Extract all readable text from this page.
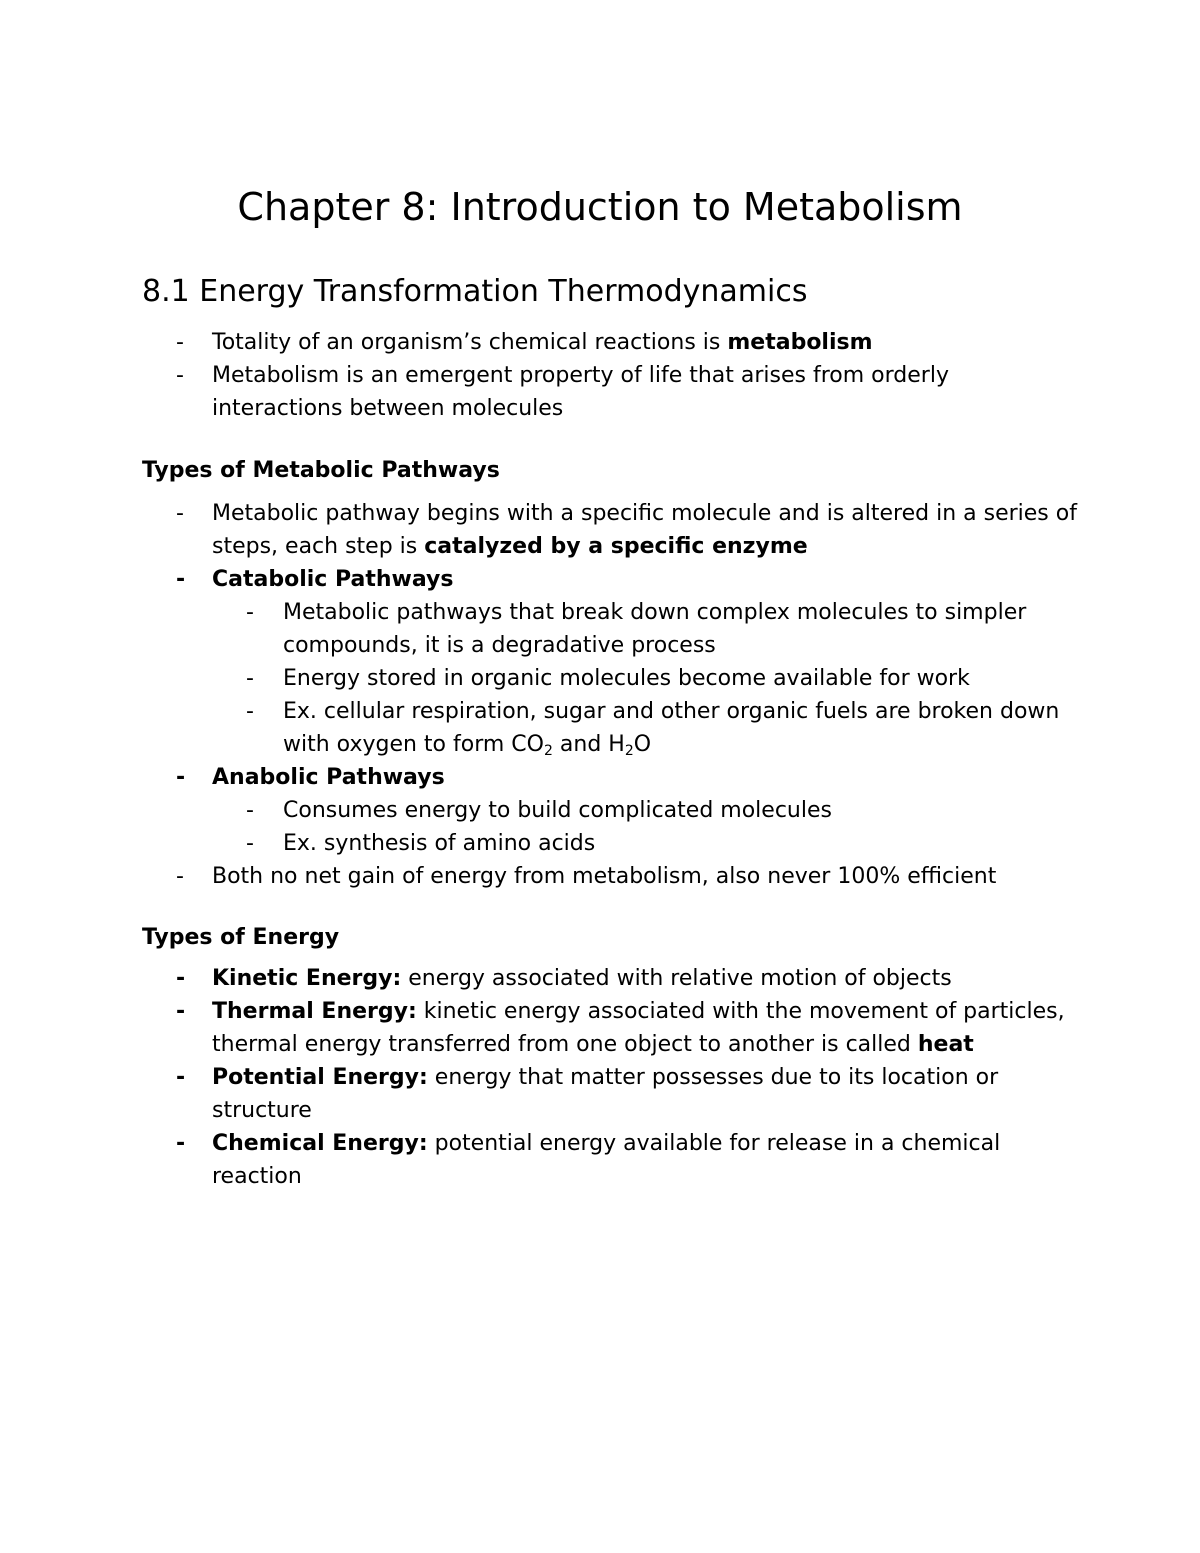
Chapter 8: Introduction to Metabolism
8.1 Energy Transformation Thermodynamics
- Totality of an organism’s chemical reactions is metabolism
- Metabolism is an emergent property of life that arises from orderly interactions between molecules
Types of Metabolic Pathways
- Metabolic pathway begins with a specific molecule and is altered in a series of steps, each step is catalyzed by a specific enzyme
- Catabolic Pathways
- Metabolic pathways that break down complex molecules to simpler compounds, it is a degradative process
- Energy stored in organic molecules become available for work
- Ex. cellular respiration, sugar and other organic fuels are broken down with oxygen to form $CO_2$ and $H_2O$
- Anabolic Pathways
- Consumes energy to build complicated molecules
- Ex. synthesis of amino acids
- Both no net gain of energy from metabolism, also never 100% efficient
Types of Energy
- Kinetic Energy: energy associated with relative motion of objects
- Thermal Energy: kinetic energy associated with the movement of particles, thermal energy transferred from one object to another is called heat
- Potential Energy: energy that matter possesses due to its location or structure
- Chemical Energy: potential energy available for release in a chemical reaction
